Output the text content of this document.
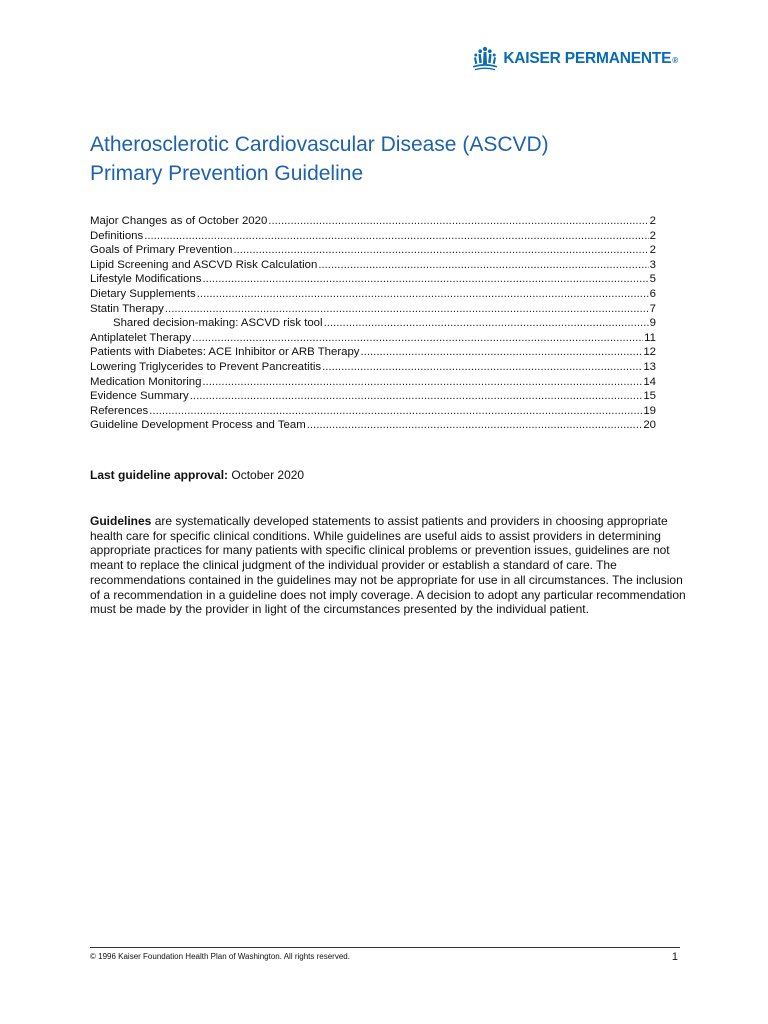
KAISER PERMANENTE®
Atherosclerotic Cardiovascular Disease (ASCVD)
Primary Prevention Guideline
Major Changes as of October 2020 .....	2
Definitions .....	2
Goals of Primary Prevention .....	2
Lipid Screening and ASCVD Risk Calculation .....	3
Lifestyle Modifications .....	5
Dietary Supplements .....	6
Statin Therapy .....	7
Shared decision-making: ASCVD risk tool .....	9
Antiplatelet Therapy .....	11
Patients with Diabetes: ACE Inhibitor or ARB Therapy .....	12
Lowering Triglycerides to Prevent Pancreatitis .....	13
Medication Monitoring .....	14
Evidence Summary .....	15
References .....	19
Guideline Development Process and Team .....	20
Last guideline approval: October 2020

Guidelines are systematically developed statements to assist patients and providers in choosing appropriate health care for specific clinical conditions. While guidelines are useful aids to assist providers in determining appropriate practices for many patients with specific clinical problems or prevention issues, guidelines are not meant to replace the clinical judgment of the individual provider or establish a standard of care. The recommendations contained in the guidelines may not be appropriate for use in all circumstances. The inclusion of a recommendation in a guideline does not imply coverage. A decision to adopt any particular recommendation must be made by the provider in light of the circumstances presented by the individual patient.

© 1996 Kaiser Foundation Health Plan of Washington. All rights reserved.	1
